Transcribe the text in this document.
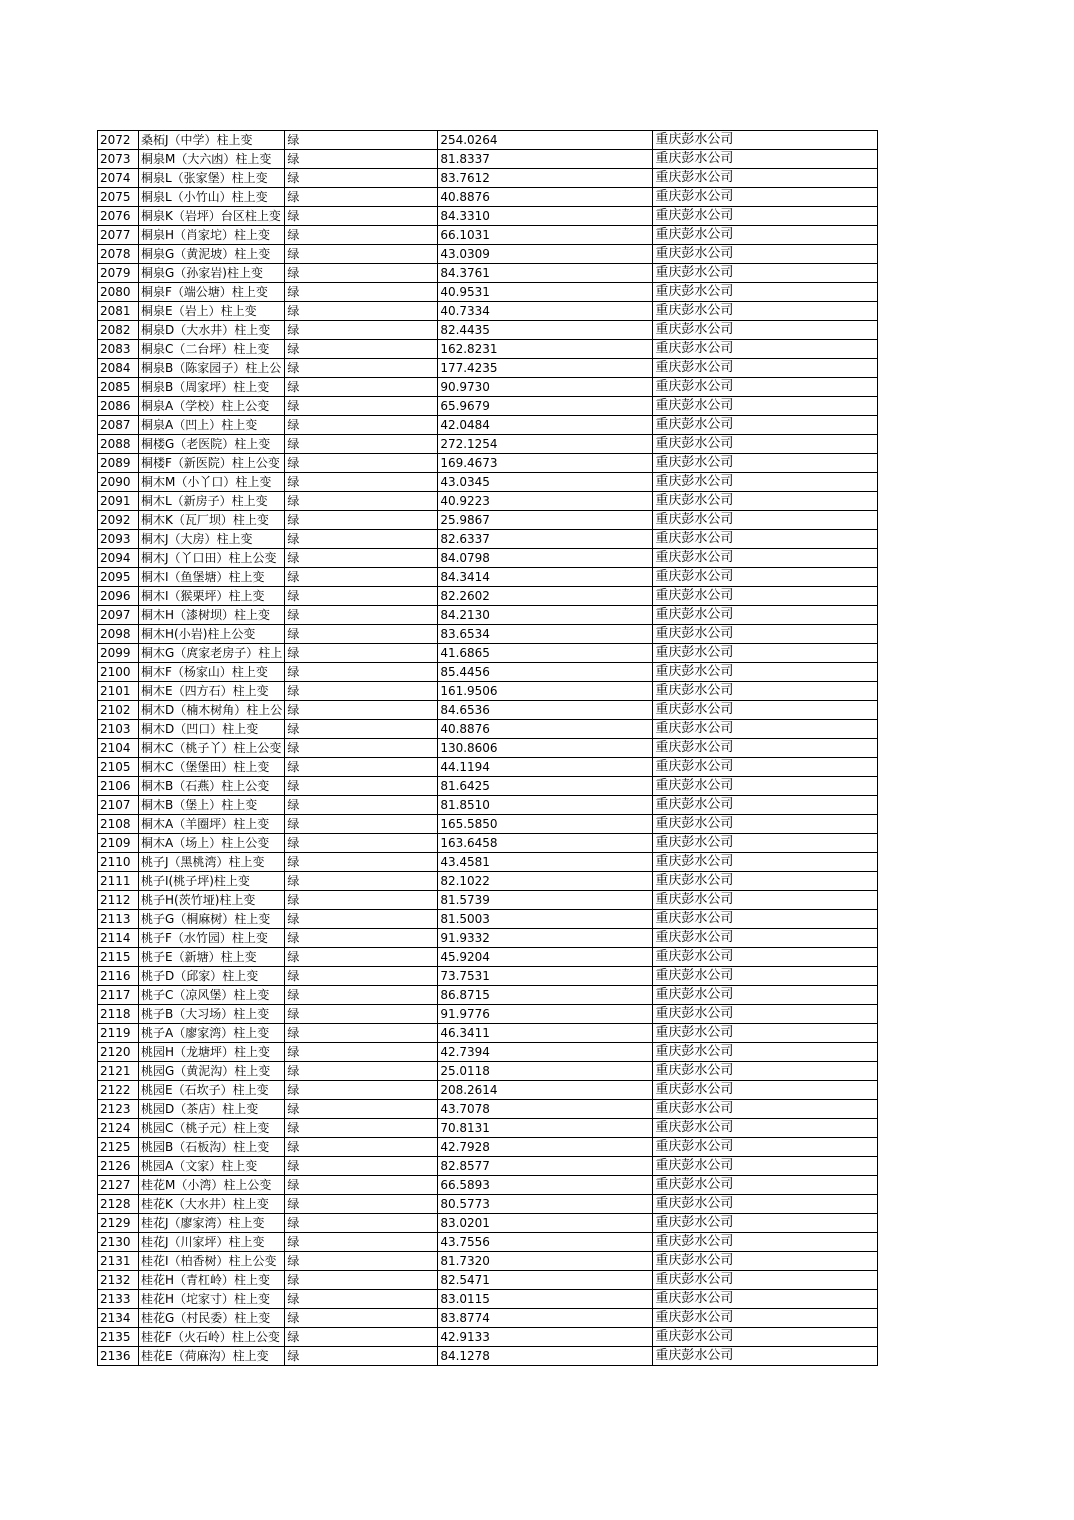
2072	桑柘J（中学）柱上变	绿	254.0264	重庆彭水公司
2073	桐泉M（大六凼）柱上变	绿	81.8337	重庆彭水公司
2074	桐泉L（张家堡）柱上变	绿	83.7612	重庆彭水公司
2075	桐泉L（小竹山）柱上变	绿	40.8876	重庆彭水公司
2076	桐泉K（岩坪）台区柱上变	绿	84.3310	重庆彭水公司
2077	桐泉H（肖家坨）柱上变	绿	66.1031	重庆彭水公司
2078	桐泉G（黄泥坡）柱上变	绿	43.0309	重庆彭水公司
2079	桐泉G（孙家岩)柱上变	绿	84.3761	重庆彭水公司
2080	桐泉F（端公塘）柱上变	绿	40.9531	重庆彭水公司
2081	桐泉E（岩上）柱上变	绿	40.7334	重庆彭水公司
2082	桐泉D（大水井）柱上变	绿	82.4435	重庆彭水公司
2083	桐泉C（二台坪）柱上变	绿	162.8231	重庆彭水公司
2084	桐泉B（陈家园子）柱上公	绿	177.4235	重庆彭水公司
2085	桐泉B（周家坪）柱上变	绿	90.9730	重庆彭水公司
2086	桐泉A（学校）柱上公变	绿	65.9679	重庆彭水公司
2087	桐泉A（凹上）柱上变	绿	42.0484	重庆彭水公司
2088	桐楼G（老医院）柱上变	绿	272.1254	重庆彭水公司
2089	桐楼F（新医院）柱上公变	绿	169.4673	重庆彭水公司
2090	桐木M（小丫口）柱上变	绿	43.0345	重庆彭水公司
2091	桐木L（新房子）柱上变	绿	40.9223	重庆彭水公司
2092	桐木K（瓦厂坝）柱上变	绿	25.9867	重庆彭水公司
2093	桐木J（大房）柱上变	绿	82.6337	重庆彭水公司
2094	桐木J（丫口田）柱上公变	绿	84.0798	重庆彭水公司
2095	桐木I（鱼堡塘）柱上变	绿	84.3414	重庆彭水公司
2096	桐木I（猴栗坪）柱上变	绿	82.2602	重庆彭水公司
2097	桐木H（漆树坝）柱上变	绿	84.2130	重庆彭水公司
2098	桐木H(小岩)柱上公变	绿	83.6534	重庆彭水公司
2099	桐木G（庹家老房子）柱上	绿	41.6865	重庆彭水公司
2100	桐木F（杨家山）柱上变	绿	85.4456	重庆彭水公司
2101	桐木E（四方石）柱上变	绿	161.9506	重庆彭水公司
2102	桐木D（楠木树角）柱上公	绿	84.6536	重庆彭水公司
2103	桐木D（凹口）柱上变	绿	40.8876	重庆彭水公司
2104	桐木C（桃子丫）柱上公变	绿	130.8606	重庆彭水公司
2105	桐木C（堡堡田）柱上变	绿	44.1194	重庆彭水公司
2106	桐木B（石燕）柱上公变	绿	81.6425	重庆彭水公司
2107	桐木B（堡上）柱上变	绿	81.8510	重庆彭水公司
2108	桐木A（羊圈坪）柱上变	绿	165.5850	重庆彭水公司
2109	桐木A（场上）柱上公变	绿	163.6458	重庆彭水公司
2110	桃子J（黑桃湾）柱上变	绿	43.4581	重庆彭水公司
2111	桃子I(桃子坪)柱上变	绿	82.1022	重庆彭水公司
2112	桃子H(茨竹垭)柱上变	绿	81.5739	重庆彭水公司
2113	桃子G（桐麻树）柱上变	绿	81.5003	重庆彭水公司
2114	桃子F（水竹园）柱上变	绿	91.9332	重庆彭水公司
2115	桃子E（新塘）柱上变	绿	45.9204	重庆彭水公司
2116	桃子D（邱家）柱上变	绿	73.7531	重庆彭水公司
2117	桃子C（凉风堡）柱上变	绿	86.8715	重庆彭水公司
2118	桃子B（大习场）柱上变	绿	91.9776	重庆彭水公司
2119	桃子A（廖家湾）柱上变	绿	46.3411	重庆彭水公司
2120	桃园H（龙塘坪）柱上变	绿	42.7394	重庆彭水公司
2121	桃园G（黄泥沟）柱上变	绿	25.0118	重庆彭水公司
2122	桃园E（石坎子）柱上变	绿	208.2614	重庆彭水公司
2123	桃园D（茶店）柱上变	绿	43.7078	重庆彭水公司
2124	桃园C（桃子元）柱上变	绿	70.8131	重庆彭水公司
2125	桃园B（石板沟）柱上变	绿	42.7928	重庆彭水公司
2126	桃园A（文家）柱上变	绿	82.8577	重庆彭水公司
2127	桂花M（小湾）柱上公变	绿	66.5893	重庆彭水公司
2128	桂花K（大水井）柱上变	绿	80.5773	重庆彭水公司
2129	桂花J（廖家湾）柱上变	绿	83.0201	重庆彭水公司
2130	桂花J（川家坪）柱上变	绿	43.7556	重庆彭水公司
2131	桂花I（柏香树）柱上公变	绿	81.7320	重庆彭水公司
2132	桂花H（青杠岭）柱上变	绿	82.5471	重庆彭水公司
2133	桂花H（坨家寸）柱上变	绿	83.0115	重庆彭水公司
2134	桂花G（村民委）柱上变	绿	83.8774	重庆彭水公司
2135	桂花F（火石岭）柱上公变	绿	42.9133	重庆彭水公司
2136	桂花E（荷麻沟）柱上变	绿	84.1278	重庆彭水公司
